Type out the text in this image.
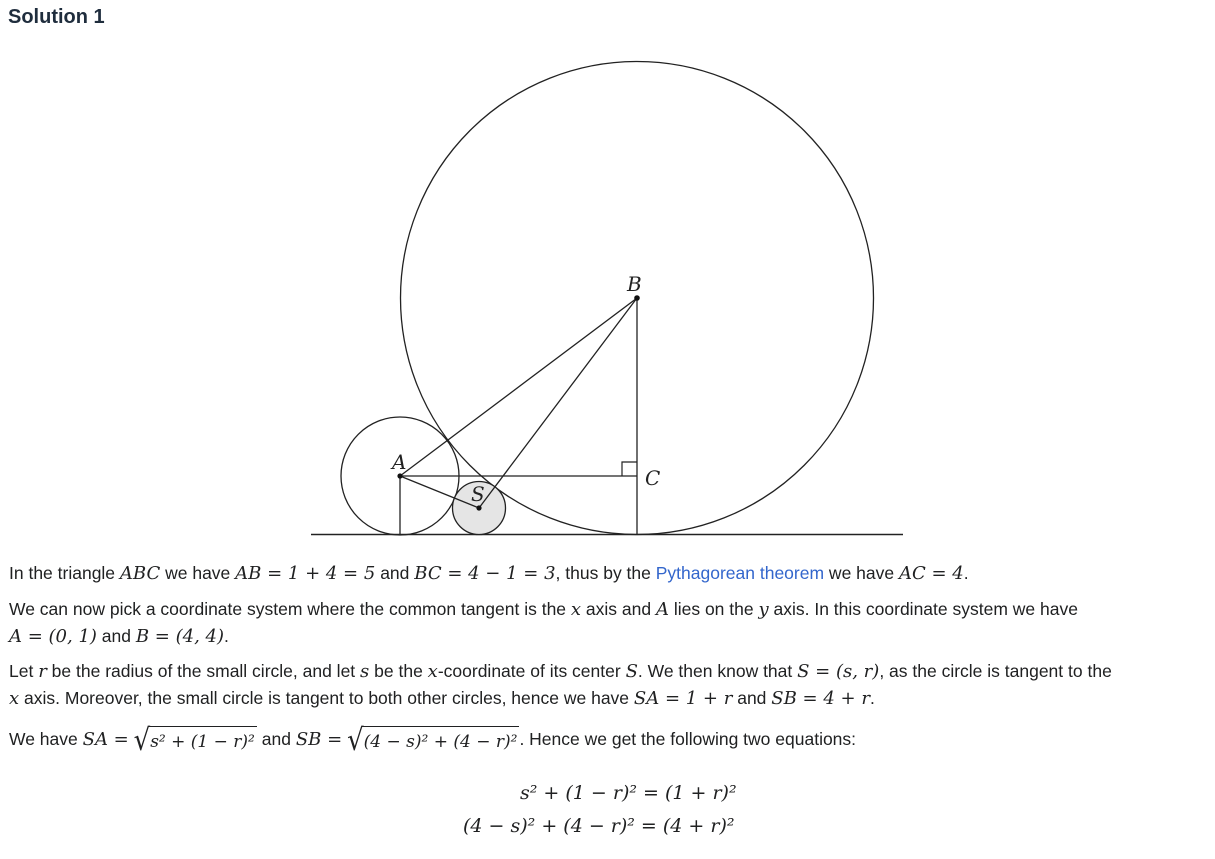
Solution 1
A
B
C
S

In the triangle ABC we have AB = 1 + 4 = 5 and BC = 4 − 1 = 3, thus by the Pythagorean theorem we have AC = 4.

We can now pick a coordinate system where the common tangent is the x axis and A lies on the y axis. In this coordinate system we have
A = (0, 1) and B = (4, 4).

Let r be the radius of the small circle, and let s be the x-coordinate of its center S. We then know that S = (s, r), as the circle is tangent to the
x axis. Moreover, the small circle is tangent to both other circles, hence we have SA = 1 + r and SB = 4 + r.

We have SA = √s² + (1 − r)² and SB = √(4 − s)² + (4 − r)² . Hence we get the following two equations:

s² + (1 − r)² = (1 + r)²

(4 − s)² + (4 − r)² = (4 + r)²
